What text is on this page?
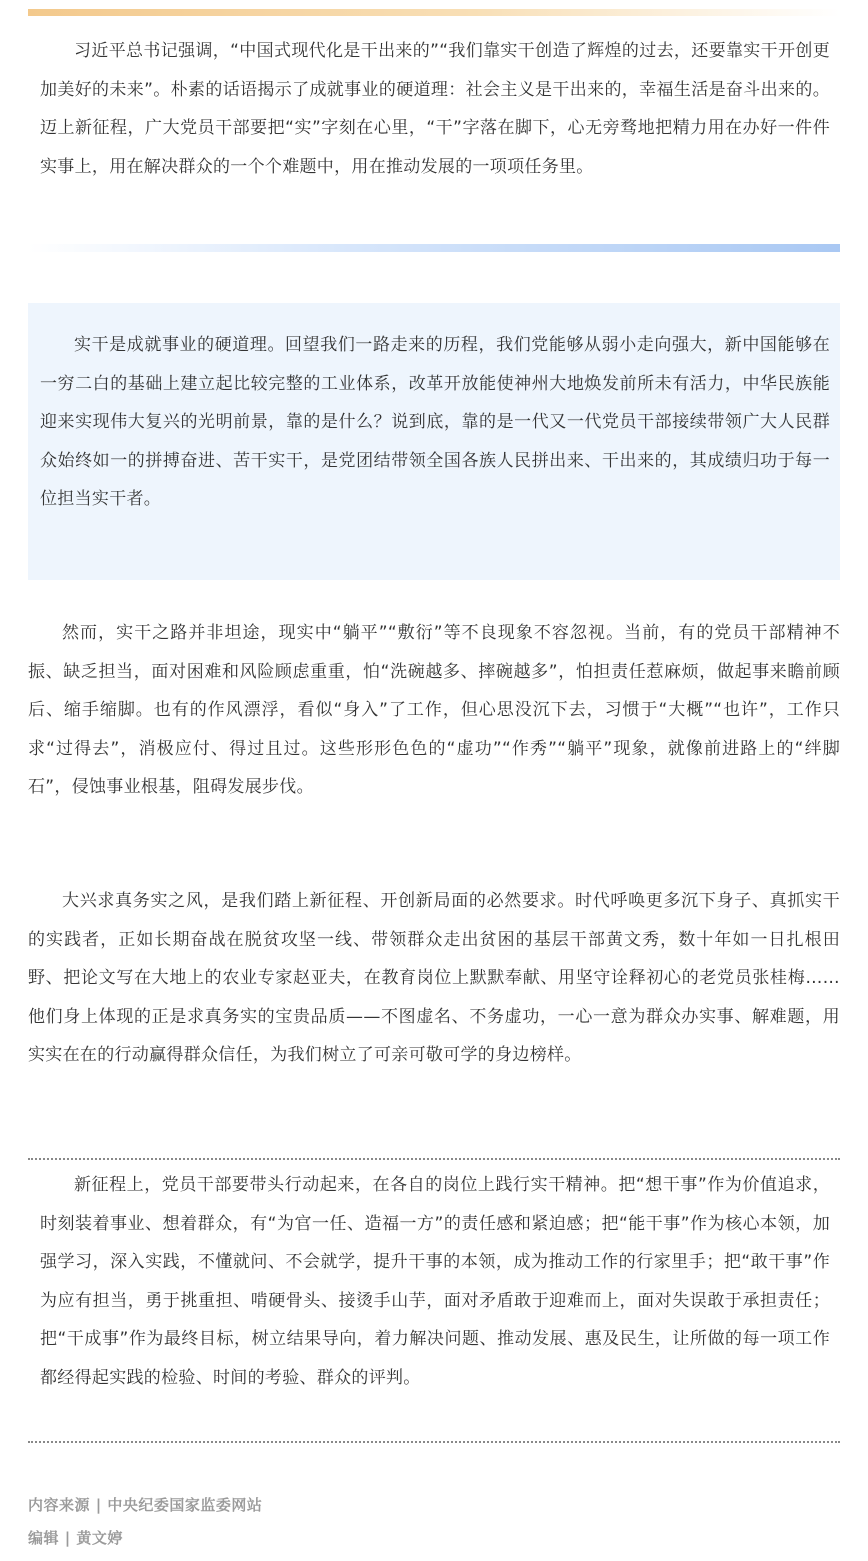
习近平总书记强调，“中国式现代化是干出来的”“我们靠实干创造了辉煌的过去，还要靠实干开创更加美好的未来”。朴素的话语揭示了成就事业的硬道理：社会主义是干出来的，幸福生活是奋斗出来的。迈上新征程，广大党员干部要把“实”字刻在心里，“干”字落在脚下，心无旁骛地把精力用在办好一件件实事上，用在解决群众的一个个难题中，用在推动发展的一项项任务里。

实干是成就事业的硬道理。回望我们一路走来的历程，我们党能够从弱小走向强大，新中国能够在一穷二白的基础上建立起比较完整的工业体系，改革开放能使神州大地焕发前所未有活力，中华民族能迎来实现伟大复兴的光明前景，靠的是什么？说到底，靠的是一代又一代党员干部接续带领广大人民群众始终如一的拼搏奋进、苦干实干，是党团结带领全国各族人民拼出来、干出来的，其成绩归功于每一位担当实干者。

然而，实干之路并非坦途，现实中“躺平”“敷衍”等不良现象不容忽视。当前，有的党员干部精神不振、缺乏担当，面对困难和风险顾虑重重，怕“洗碗越多、摔碗越多”，怕担责任惹麻烦，做起事来瞻前顾后、缩手缩脚。也有的作风漂浮，看似“身入”了工作，但心思没沉下去，习惯于“大概”“也许”，工作只求“过得去”，消极应付、得过且过。这些形形色色的“虚功”“作秀”“躺平”现象，就像前进路上的“绊脚石”，侵蚀事业根基，阻碍发展步伐。

大兴求真务实之风，是我们踏上新征程、开创新局面的必然要求。时代呼唤更多沉下身子、真抓实干的实践者，正如长期奋战在脱贫攻坚一线、带领群众走出贫困的基层干部黄文秀，数十年如一日扎根田野、把论文写在大地上的农业专家赵亚夫，在教育岗位上默默奉献、用坚守诠释初心的老党员张桂梅……他们身上体现的正是求真务实的宝贵品质——不图虚名、不务虚功，一心一意为群众办实事、解难题，用实实在在的行动赢得群众信任，为我们树立了可亲可敬可学的身边榜样。

新征程上，党员干部要带头行动起来，在各自的岗位上践行实干精神。把“想干事”作为价值追求，时刻装着事业、想着群众，有“为官一任、造福一方”的责任感和紧迫感；把“能干事”作为核心本领，加强学习，深入实践，不懂就问、不会就学，提升干事的本领，成为推动工作的行家里手；把“敢干事”作为应有担当，勇于挑重担、啃硬骨头、接烫手山芋，面对矛盾敢于迎难而上，面对失误敢于承担责任；把“干成事”作为最终目标，树立结果导向，着力解决问题、推动发展、惠及民生，让所做的每一项工作都经得起实践的检验、时间的考验、群众的评判。

内容来源 | 中央纪委国家监委网站
编辑 | 黄文婷
